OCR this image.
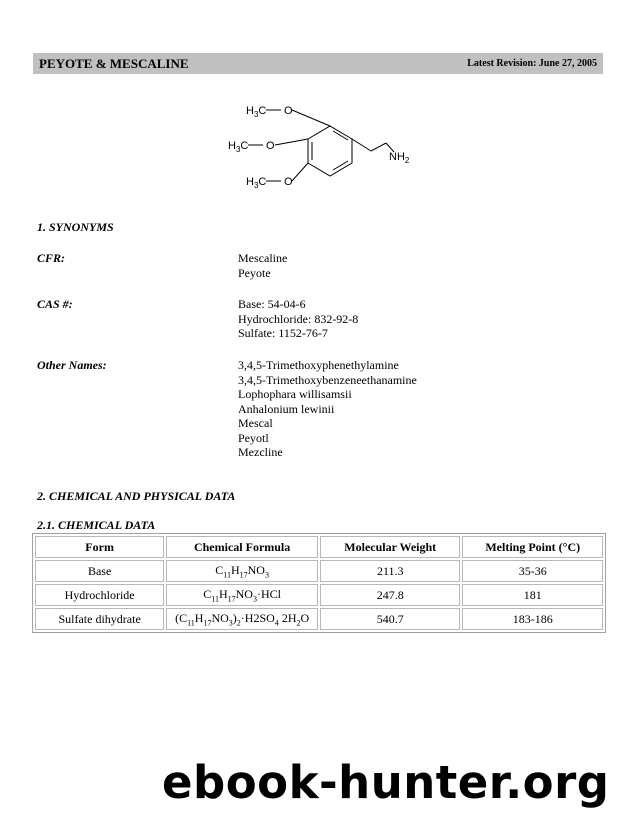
PEYOTE & MESCALINE	Latest Revision: June 27, 2005
$H_3C$ O
$H_3C$ O
$H_3C$ O
$NH_2$
1. SYNONYMS
CFR:	Mescaline
Peyote
CAS #:	Base: 54-04-6
Hydrochloride: 832-92-8
Sulfate: 1152-76-7
Other Names:	3,4,5-Trimethoxyphenethylamine
3,4,5-Trimethoxybenzeneethanamine
Lophophara willisamsii
Anhalonium lewinii
Mescal
Peyotl
Mezcline
2. CHEMICAL AND PHYSICAL DATA
2.1. CHEMICAL DATA
Form	Chemical Formula	Molecular Weight	Melting Point (°C)
Base	$C_{11}H_{17}NO_3$	211.3	35-36
Hydrochloride	$C_{11}H_{17}NO_3\cdot HCl$	247.8	181
Sulfate dihydrate	$(C_{11}H_{17}NO_3)_2\cdot H2SO_4$ $2H_2O$	540.7	183-186
ebook-hunter.org
